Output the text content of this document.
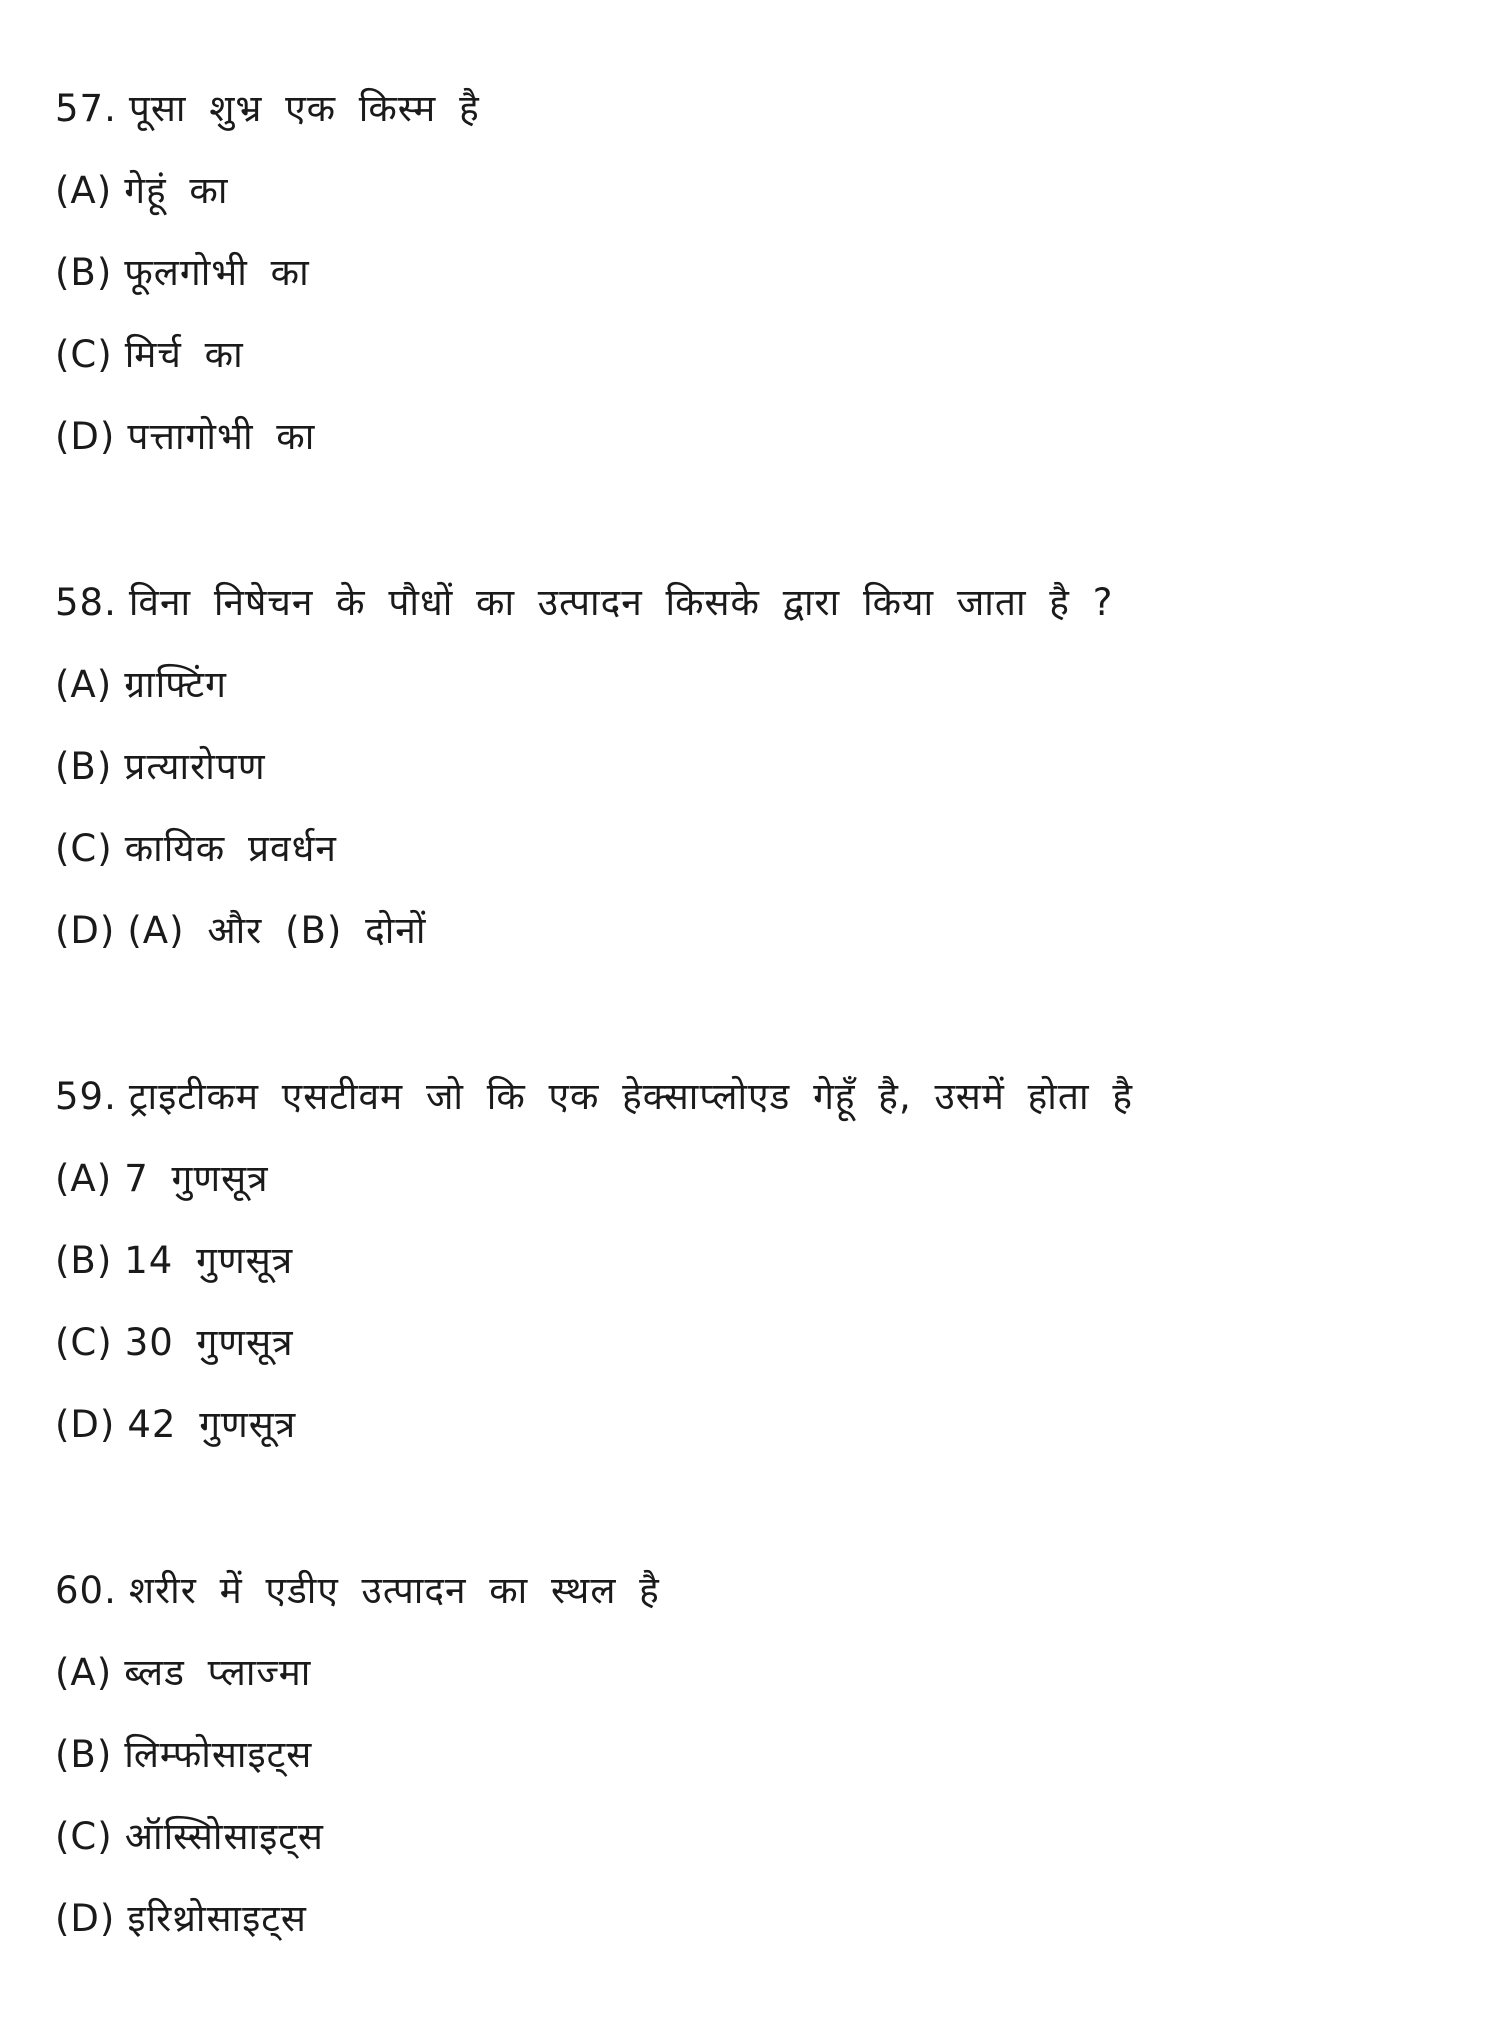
57. पूसा शुभ्र एक किस्म है
(A) गेहूं का
(B) फूलगोभी का
(C) मिर्च का
(D) पत्तागोभी का
58. विना निषेचन के पौधों का उत्पादन किसके द्वारा किया जाता है ?
(A) ग्राफ्टिंग
(B) प्रत्यारोपण
(C) कायिक प्रवर्धन
(D) (A) और (B) दोनों
59. ट्राइटीकम एसटीवम जो कि एक हेक्साप्लोएड गेहूँ है, उसमें होता है
(A) 7 गुणसूत्र
(B) 14 गुणसूत्र
(C) 30 गुणसूत्र
(D) 42 गुणसूत्र
60. शरीर में एडीए उत्पादन का स्थल है
(A) ब्लड प्लाज्मा
(B) लिम्फोसाइट्स
(C) ऑस्सिोसाइट्स
(D) इरिथ्रोसाइट्स
